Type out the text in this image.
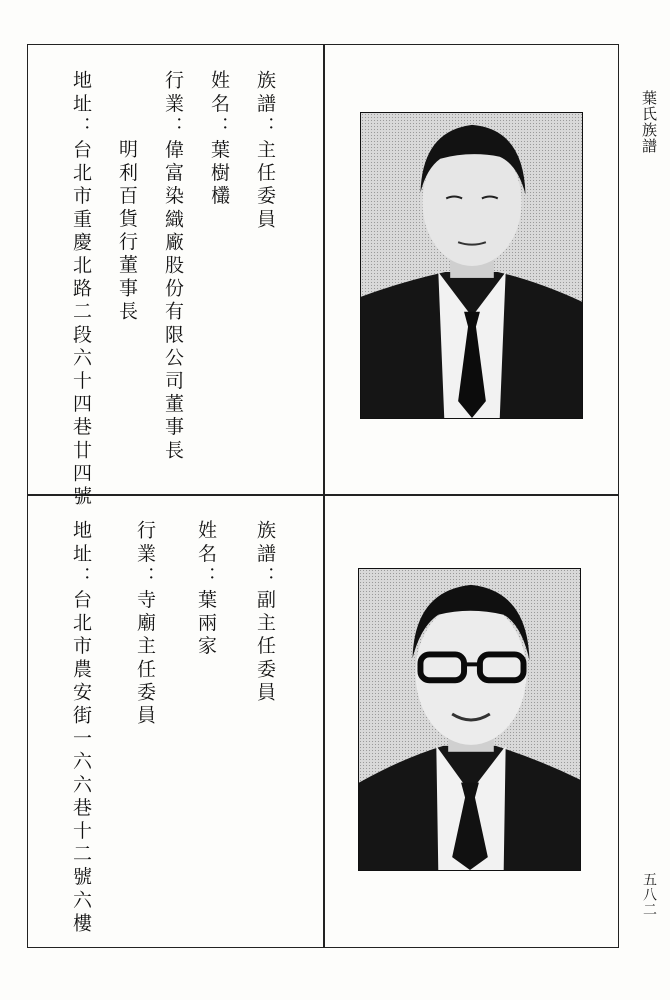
葉氏族譜
五八二
族譜：主任委員
姓名：葉樹欉
行業：偉富染織廠股份有限公司董事長
明利百貨行董事長
地址：台北市重慶北路二段六十四巷廿四號
族譜：副主任委員
姓名：葉兩家
行業：寺廟主任委員
地址：台北市農安街一六六巷十二號六樓
